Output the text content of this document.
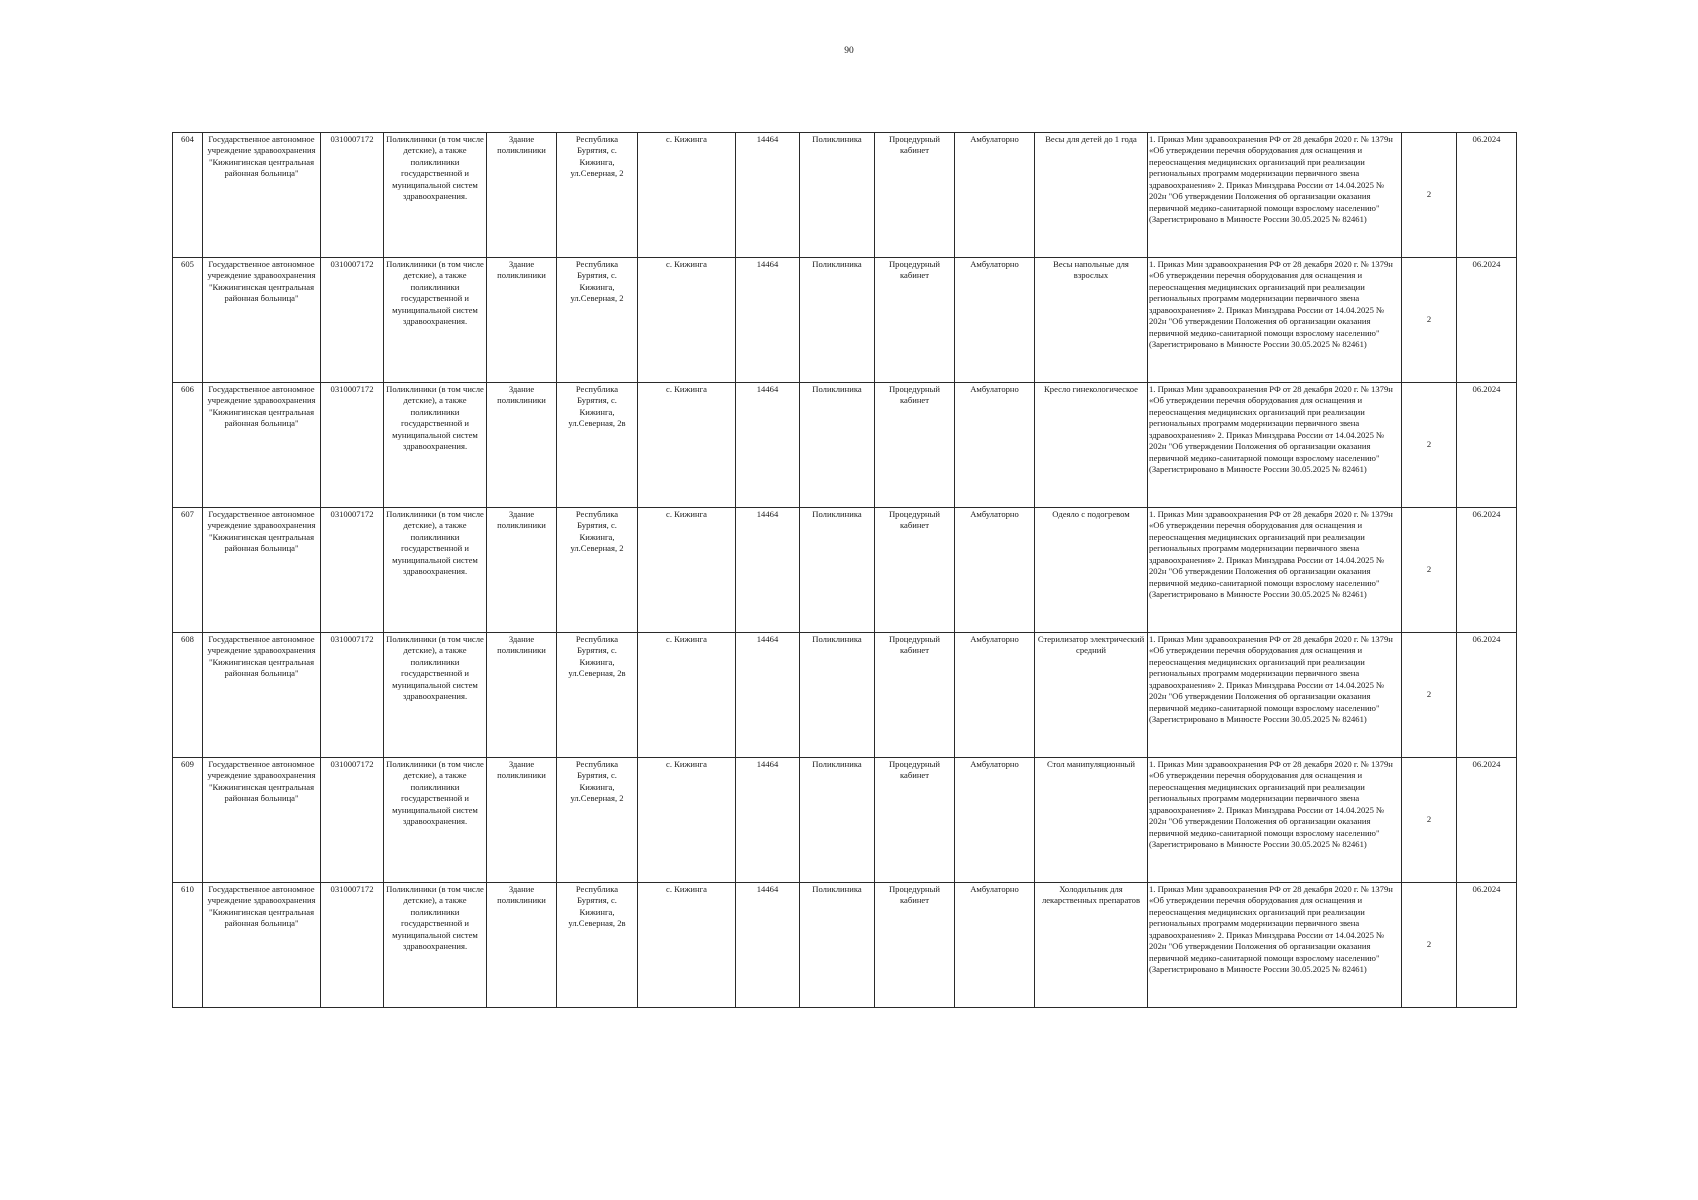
90
604	Государственное автономное учреждение здравоохранения "Кижингинская центральная районная больница"	0310007172	Поликлиники (в том числе детские), а также поликлиники государственной и муниципальной систем здравоохранения.	Здание поликлиники	Республика Бурятия, с. Кижинга, ул.Северная, 2	с. Кижинга	14464	Поликлиника	Процедурный кабинет	Амбулаторно	Весы для детей до 1 года	1. Приказ Мин здравоохранения РФ от 28 декабря 2020 г. № 1379н «Об утверждении перечня оборудования для оснащения и переоснащения медицинских организаций при реализации региональных программ модернизации первичного звена здравоохранения» 2. Приказ Минздрава России от 14.04.2025 № 202н "Об утверждении Положения об организации оказания первичной медико-санитарной помощи взрослому населению" (Зарегистрировано в Минюсте России 30.05.2025 № 82461)	2	06.2024
605	Государственное автономное учреждение здравоохранения "Кижингинская центральная районная больница"	0310007172	Поликлиники (в том числе детские), а также поликлиники государственной и муниципальной систем здравоохранения.	Здание поликлиники	Республика Бурятия, с. Кижинга, ул.Северная, 2	с. Кижинга	14464	Поликлиника	Процедурный кабинет	Амбулаторно	Весы напольные для взрослых	1. Приказ Мин здравоохранения РФ от 28 декабря 2020 г. № 1379н «Об утверждении перечня оборудования для оснащения и переоснащения медицинских организаций при реализации региональных программ модернизации первичного звена здравоохранения» 2. Приказ Минздрава России от 14.04.2025 № 202н "Об утверждении Положения об организации оказания первичной медико-санитарной помощи взрослому населению" (Зарегистрировано в Минюсте России 30.05.2025 № 82461)	2	06.2024
606	Государственное автономное учреждение здравоохранения "Кижингинская центральная районная больница"	0310007172	Поликлиники (в том числе детские), а также поликлиники государственной и муниципальной систем здравоохранения.	Здание поликлиники	Республика Бурятия, с. Кижинга, ул.Северная, 2в	с. Кижинга	14464	Поликлиника	Процедурный кабинет	Амбулаторно	Кресло гинекологическое	1. Приказ Мин здравоохранения РФ от 28 декабря 2020 г. № 1379н «Об утверждении перечня оборудования для оснащения и переоснащения медицинских организаций при реализации региональных программ модернизации первичного звена здравоохранения» 2. Приказ Минздрава России от 14.04.2025 № 202н "Об утверждении Положения об организации оказания первичной медико-санитарной помощи взрослому населению" (Зарегистрировано в Минюсте России 30.05.2025 № 82461)	2	06.2024
607	Государственное автономное учреждение здравоохранения "Кижингинская центральная районная больница"	0310007172	Поликлиники (в том числе детские), а также поликлиники государственной и муниципальной систем здравоохранения.	Здание поликлиники	Республика Бурятия, с. Кижинга, ул.Северная, 2	с. Кижинга	14464	Поликлиника	Процедурный кабинет	Амбулаторно	Одеяло с подогревом	1. Приказ Мин здравоохранения РФ от 28 декабря 2020 г. № 1379н «Об утверждении перечня оборудования для оснащения и переоснащения медицинских организаций при реализации региональных программ модернизации первичного звена здравоохранения» 2. Приказ Минздрава России от 14.04.2025 № 202н "Об утверждении Положения об организации оказания первичной медико-санитарной помощи взрослому населению" (Зарегистрировано в Минюсте России 30.05.2025 № 82461)	2	06.2024
608	Государственное автономное учреждение здравоохранения "Кижингинская центральная районная больница"	0310007172	Поликлиники (в том числе детские), а также поликлиники государственной и муниципальной систем здравоохранения.	Здание поликлиники	Республика Бурятия, с. Кижинга, ул.Северная, 2в	с. Кижинга	14464	Поликлиника	Процедурный кабинет	Амбулаторно	Стерилизатор электрический средний	1. Приказ Мин здравоохранения РФ от 28 декабря 2020 г. № 1379н «Об утверждении перечня оборудования для оснащения и переоснащения медицинских организаций при реализации региональных программ модернизации первичного звена здравоохранения» 2. Приказ Минздрава России от 14.04.2025 № 202н "Об утверждении Положения об организации оказания первичной медико-санитарной помощи взрослому населению" (Зарегистрировано в Минюсте России 30.05.2025 № 82461)	2	06.2024
609	Государственное автономное учреждение здравоохранения "Кижингинская центральная районная больница"	0310007172	Поликлиники (в том числе детские), а также поликлиники государственной и муниципальной систем здравоохранения.	Здание поликлиники	Республика Бурятия, с. Кижинга, ул.Северная, 2	с. Кижинга	14464	Поликлиника	Процедурный кабинет	Амбулаторно	Стол манипуляционный	1. Приказ Мин здравоохранения РФ от 28 декабря 2020 г. № 1379н «Об утверждении перечня оборудования для оснащения и переоснащения медицинских организаций при реализации региональных программ модернизации первичного звена здравоохранения» 2. Приказ Минздрава России от 14.04.2025 № 202н "Об утверждении Положения об организации оказания первичной медико-санитарной помощи взрослому населению" (Зарегистрировано в Минюсте России 30.05.2025 № 82461)	2	06.2024
610	Государственное автономное учреждение здравоохранения "Кижингинская центральная районная больница"	0310007172	Поликлиники (в том числе детские), а также поликлиники государственной и муниципальной систем здравоохранения.	Здание поликлиники	Республика Бурятия, с. Кижинга, ул.Северная, 2в	с. Кижинга	14464	Поликлиника	Процедурный кабинет	Амбулаторно	Холодильник для лекарственных препаратов	1. Приказ Мин здравоохранения РФ от 28 декабря 2020 г. № 1379н «Об утверждении перечня оборудования для оснащения и переоснащения медицинских организаций при реализации региональных программ модернизации первичного звена здравоохранения» 2. Приказ Минздрава России от 14.04.2025 № 202н "Об утверждении Положения об организации оказания первичной медико-санитарной помощи взрослому населению" (Зарегистрировано в Минюсте России 30.05.2025 № 82461)	2	06.2024
